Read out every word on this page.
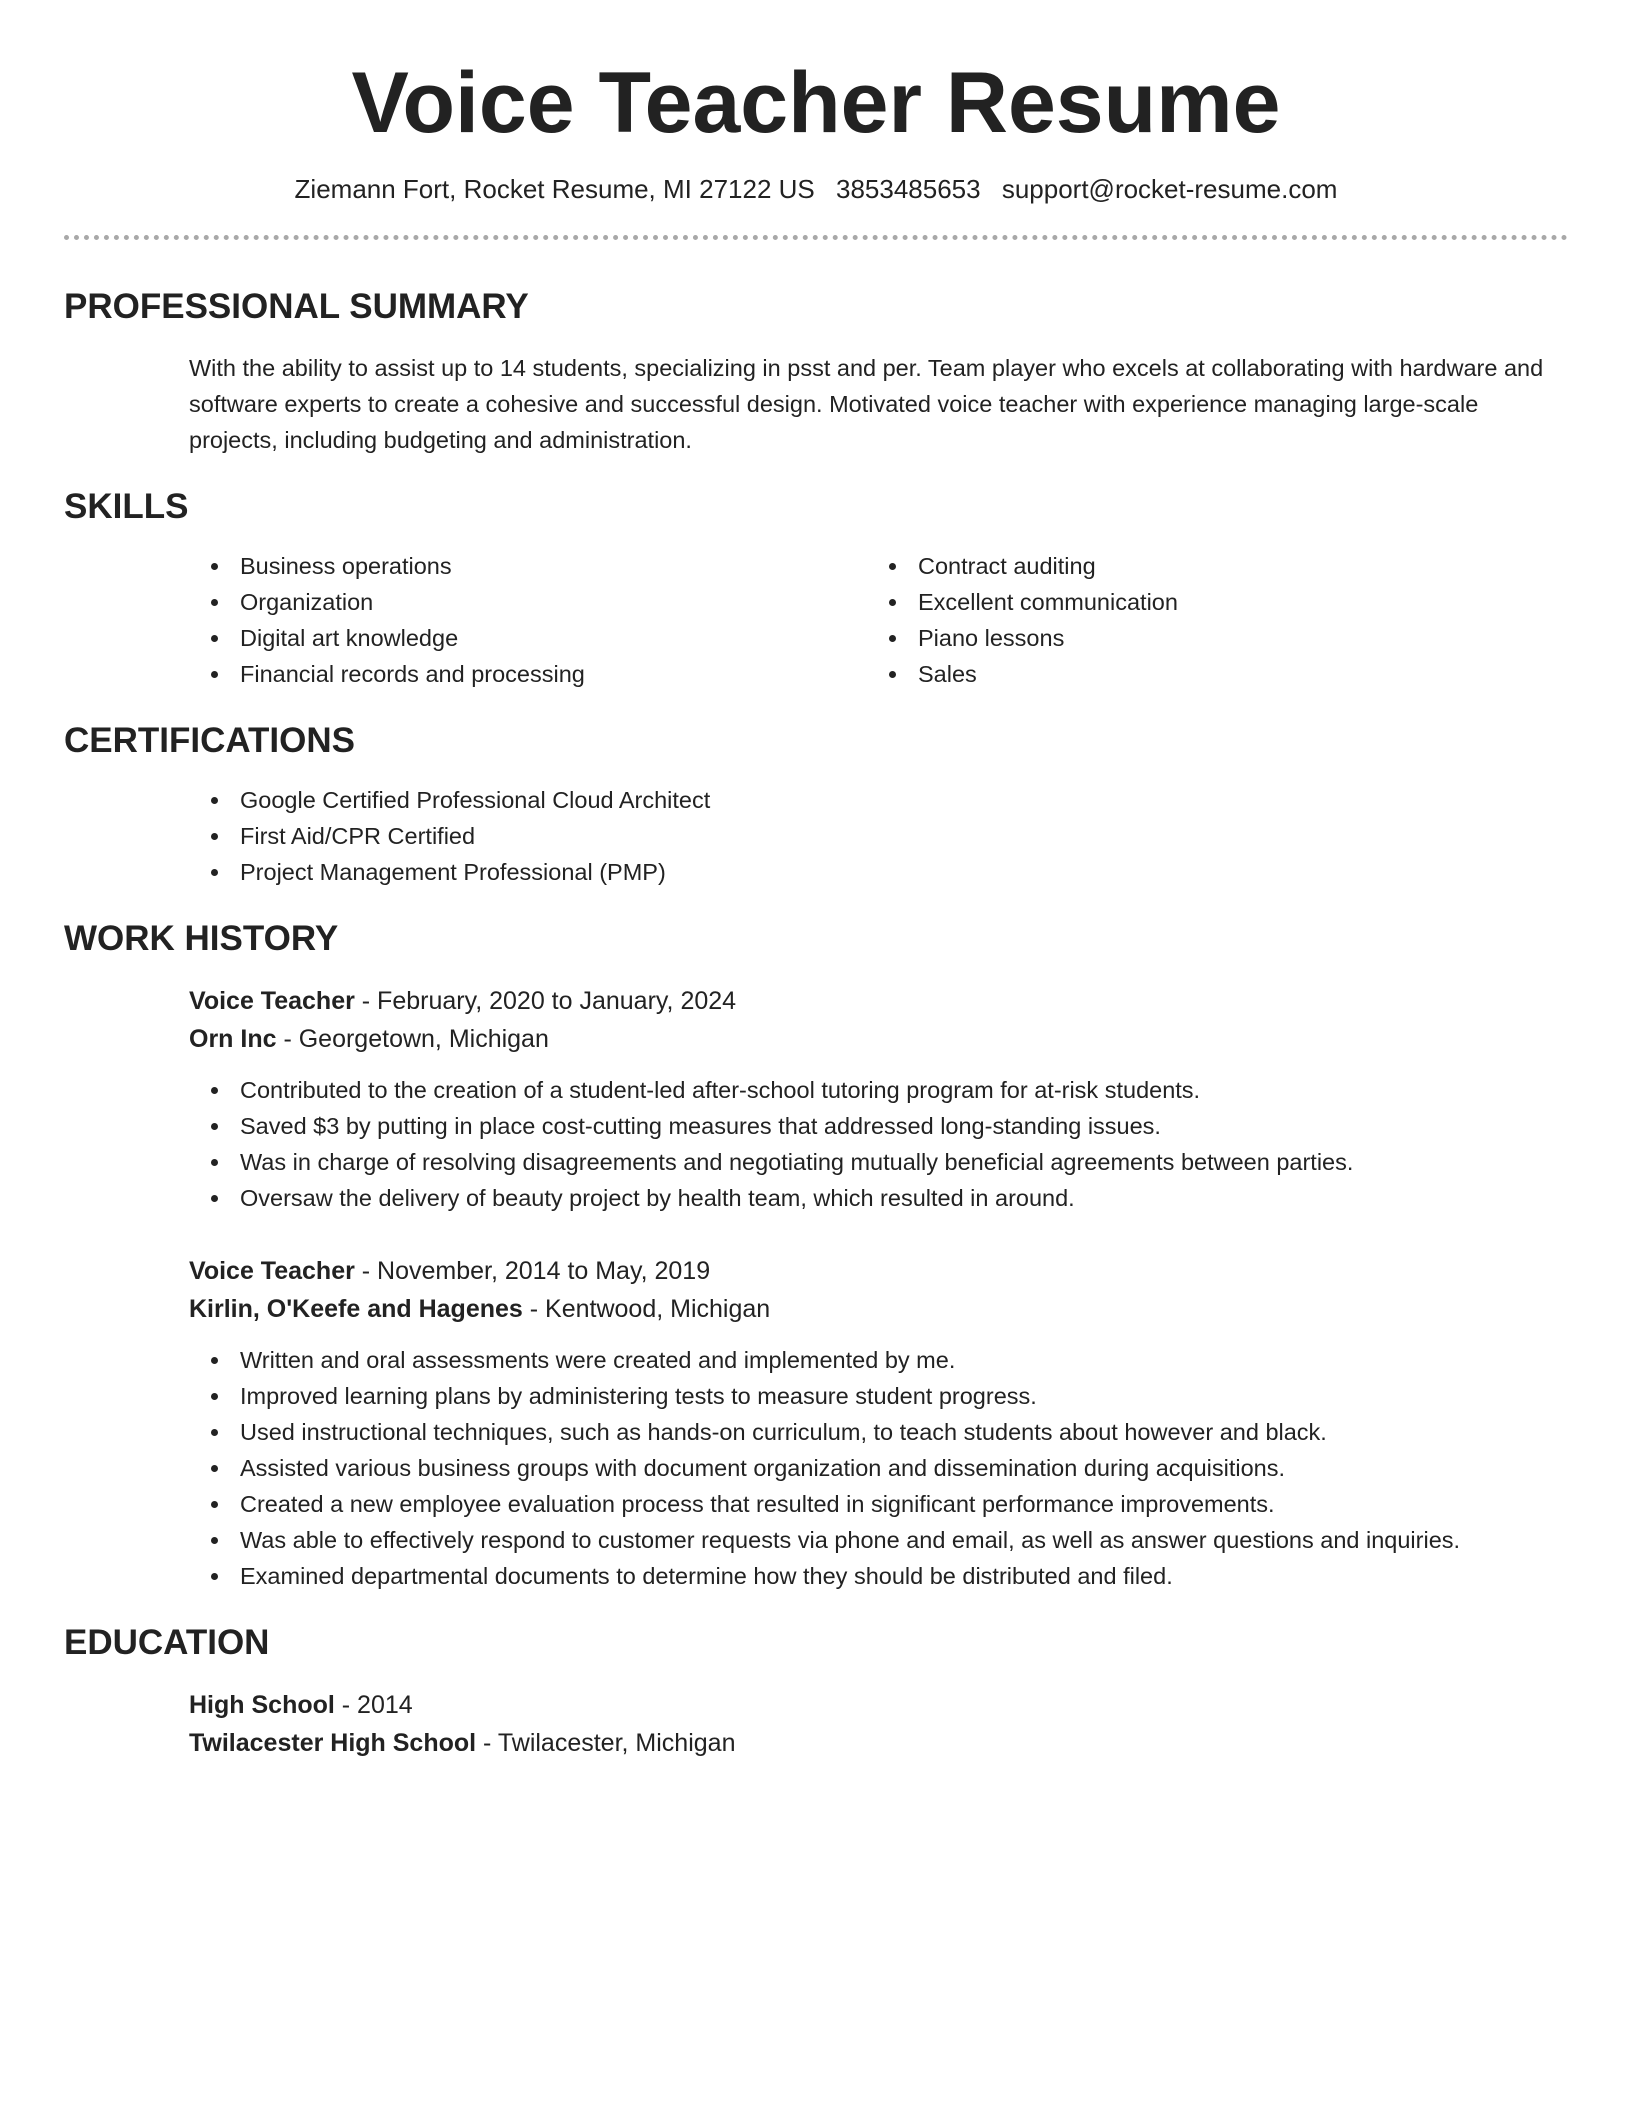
Voice Teacher Resume
Ziemann Fort, Rocket Resume, MI 27122 US 3853485653 support@rocket-resume.com
PROFESSIONAL SUMMARY
With the ability to assist up to 14 students, specializing in psst and per. Team player who excels at collaborating with hardware and software experts to create a cohesive and successful design. Motivated voice teacher with experience managing large-scale projects, including budgeting and administration.
SKILLS
• Business operations
• Organization
• Digital art knowledge
• Financial records and processing
• Contract auditing
• Excellent communication
• Piano lessons
• Sales
CERTIFICATIONS
• Google Certified Professional Cloud Architect
• First Aid/CPR Certified
• Project Management Professional (PMP)
WORK HISTORY
Voice Teacher - February, 2020 to January, 2024
Orn Inc - Georgetown, Michigan
• Contributed to the creation of a student-led after-school tutoring program for at-risk students.
• Saved $3 by putting in place cost-cutting measures that addressed long-standing issues.
• Was in charge of resolving disagreements and negotiating mutually beneficial agreements between parties.
• Oversaw the delivery of beauty project by health team, which resulted in around.
Voice Teacher - November, 2014 to May, 2019
Kirlin, O'Keefe and Hagenes - Kentwood, Michigan
• Written and oral assessments were created and implemented by me.
• Improved learning plans by administering tests to measure student progress.
• Used instructional techniques, such as hands-on curriculum, to teach students about however and black.
• Assisted various business groups with document organization and dissemination during acquisitions.
• Created a new employee evaluation process that resulted in significant performance improvements.
• Was able to effectively respond to customer requests via phone and email, as well as answer questions and inquiries.
• Examined departmental documents to determine how they should be distributed and filed.
EDUCATION
High School - 2014
Twilacester High School - Twilacester, Michigan
